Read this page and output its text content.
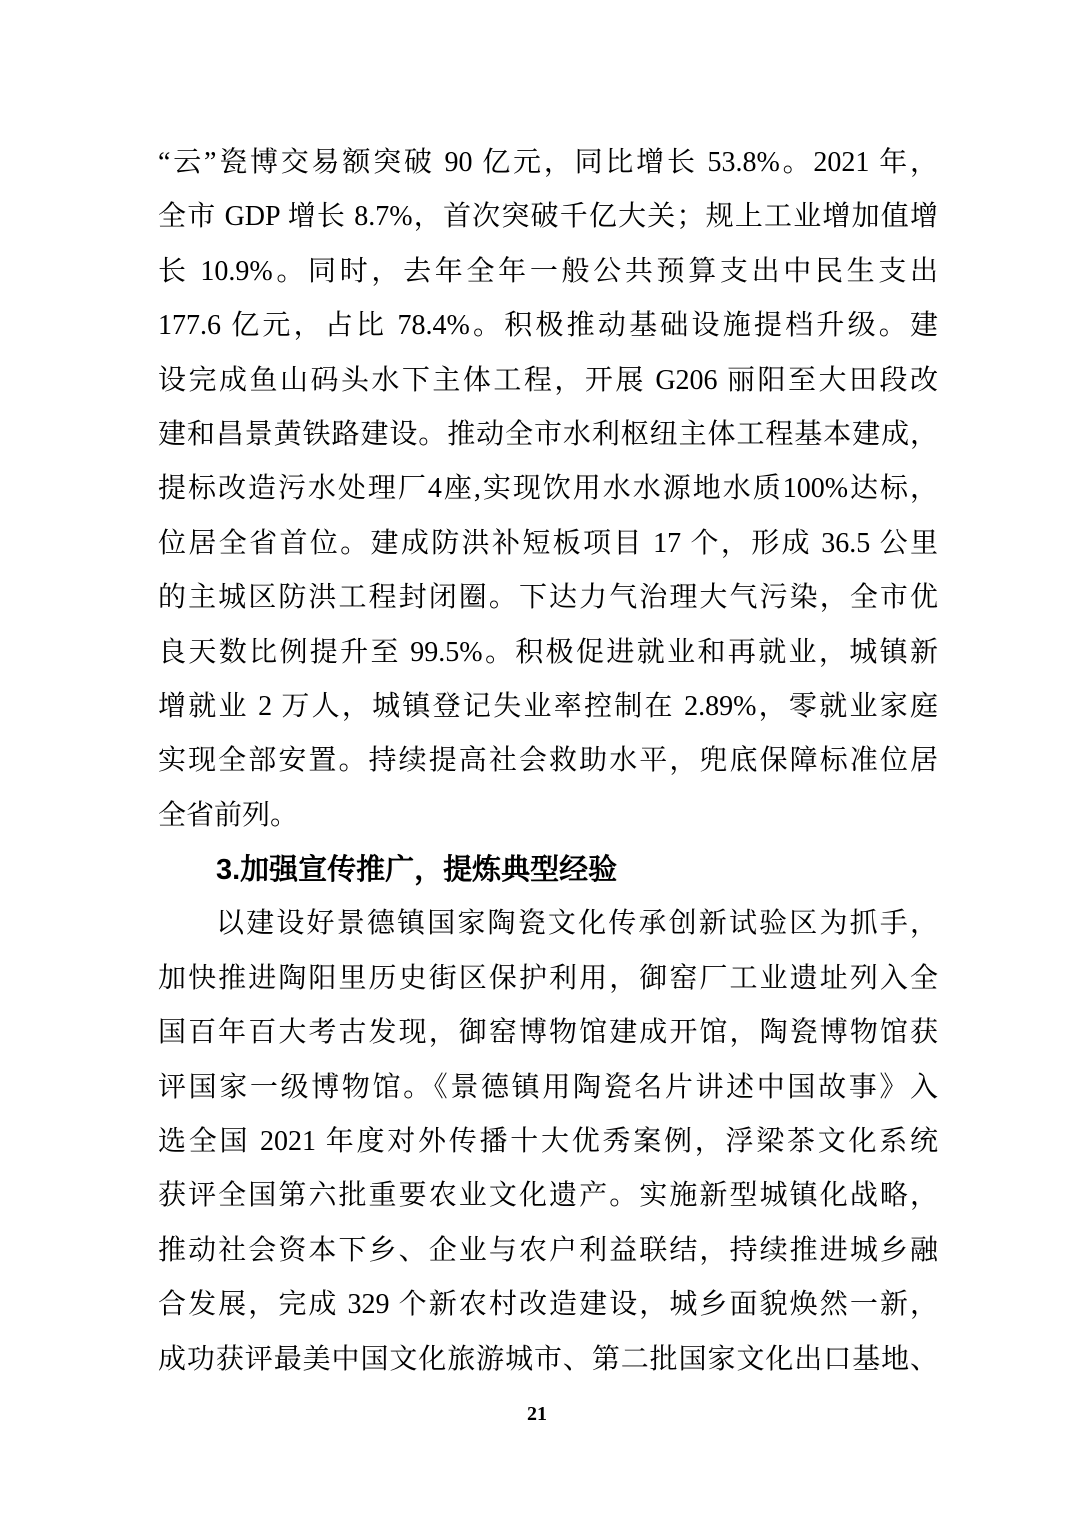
“云”瓷博交易额突破 90 亿元，同比增长 53.8%。2021 年，
全市 GDP 增长 8.7%，首次突破千亿大关；规上工业增加值增
长 10.9%。同时，去年全年一般公共预算支出中民生支出
177.6 亿元，占比 78.4%。积极推动基础设施提档升级。建
设完成鱼山码头水下主体工程，开展 G206 丽阳至大田段改
建和昌景黄铁路建设。推动全市水利枢纽主体工程基本建成，
提标改造污水处理厂4座,实现饮用水水源地水质100%达标，
位居全省首位。建成防洪补短板项目 17 个，形成 36.5 公里
的主城区防洪工程封闭圈。下达力气治理大气污染，全市优
良天数比例提升至 99.5%。积极促进就业和再就业，城镇新
增就业 2 万人，城镇登记失业率控制在 2.89%，零就业家庭
实现全部安置。持续提高社会救助水平，兜底保障标准位居
全省前列。
3.加强宣传推广，提炼典型经验
以建设好景德镇国家陶瓷文化传承创新试验区为抓手，
加快推进陶阳里历史街区保护利用，御窑厂工业遗址列入全
国百年百大考古发现，御窑博物馆建成开馆，陶瓷博物馆获
评国家一级博物馆。《景德镇用陶瓷名片讲述中国故事》入
选全国 2021 年度对外传播十大优秀案例，浮梁茶文化系统
获评全国第六批重要农业文化遗产。实施新型城镇化战略，
推动社会资本下乡、企业与农户利益联结，持续推进城乡融
合发展，完成 329 个新农村改造建设，城乡面貌焕然一新，
成功获评最美中国文化旅游城市、第二批国家文化出口基地、
21
